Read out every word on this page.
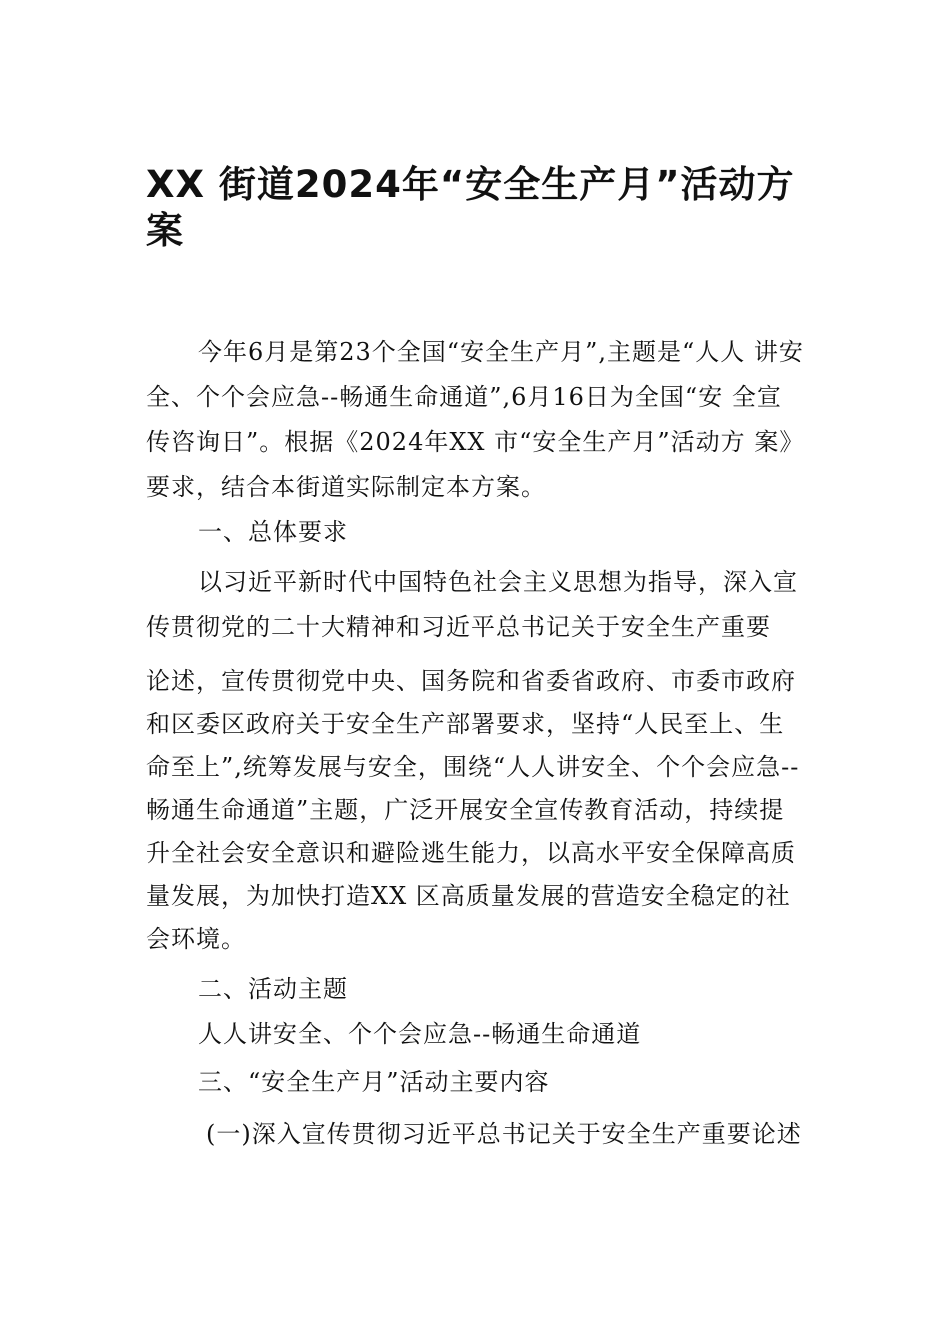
XX 街道2024年“安全生产月”活动方案

今年6月是第23个全国“安全生产月”,主题是“人人 讲安全、个个会应急--畅通生命通道”,6月16日为全国“安 全宣传咨询日”。根据《2024年XX 市“安全生产月”活动方 案》要求，结合本街道实际制定本方案。

一、总体要求

以习近平新时代中国特色社会主义思想为指导，深入宣传贯彻党的二十大精神和习近平总书记关于安全生产重要

论述，宣传贯彻党中央、国务院和省委省政府、市委市政府和区委区政府关于安全生产部署要求，坚持“人民至上、生命至上”,统筹发展与安全，围绕“人人讲安全、个个会应急--畅通生命通道”主题，广泛开展安全宣传教育活动，持续提升全社会安全意识和避险逃生能力，以高水平安全保障高质量发展，为加快打造XX 区高质量发展的营造安全稳定的社会环境。

二、活动主题

人人讲安全、个个会应急--畅通生命通道

三、“安全生产月”活动主要内容

(一)深入宣传贯彻习近平总书记关于安全生产重要论述
